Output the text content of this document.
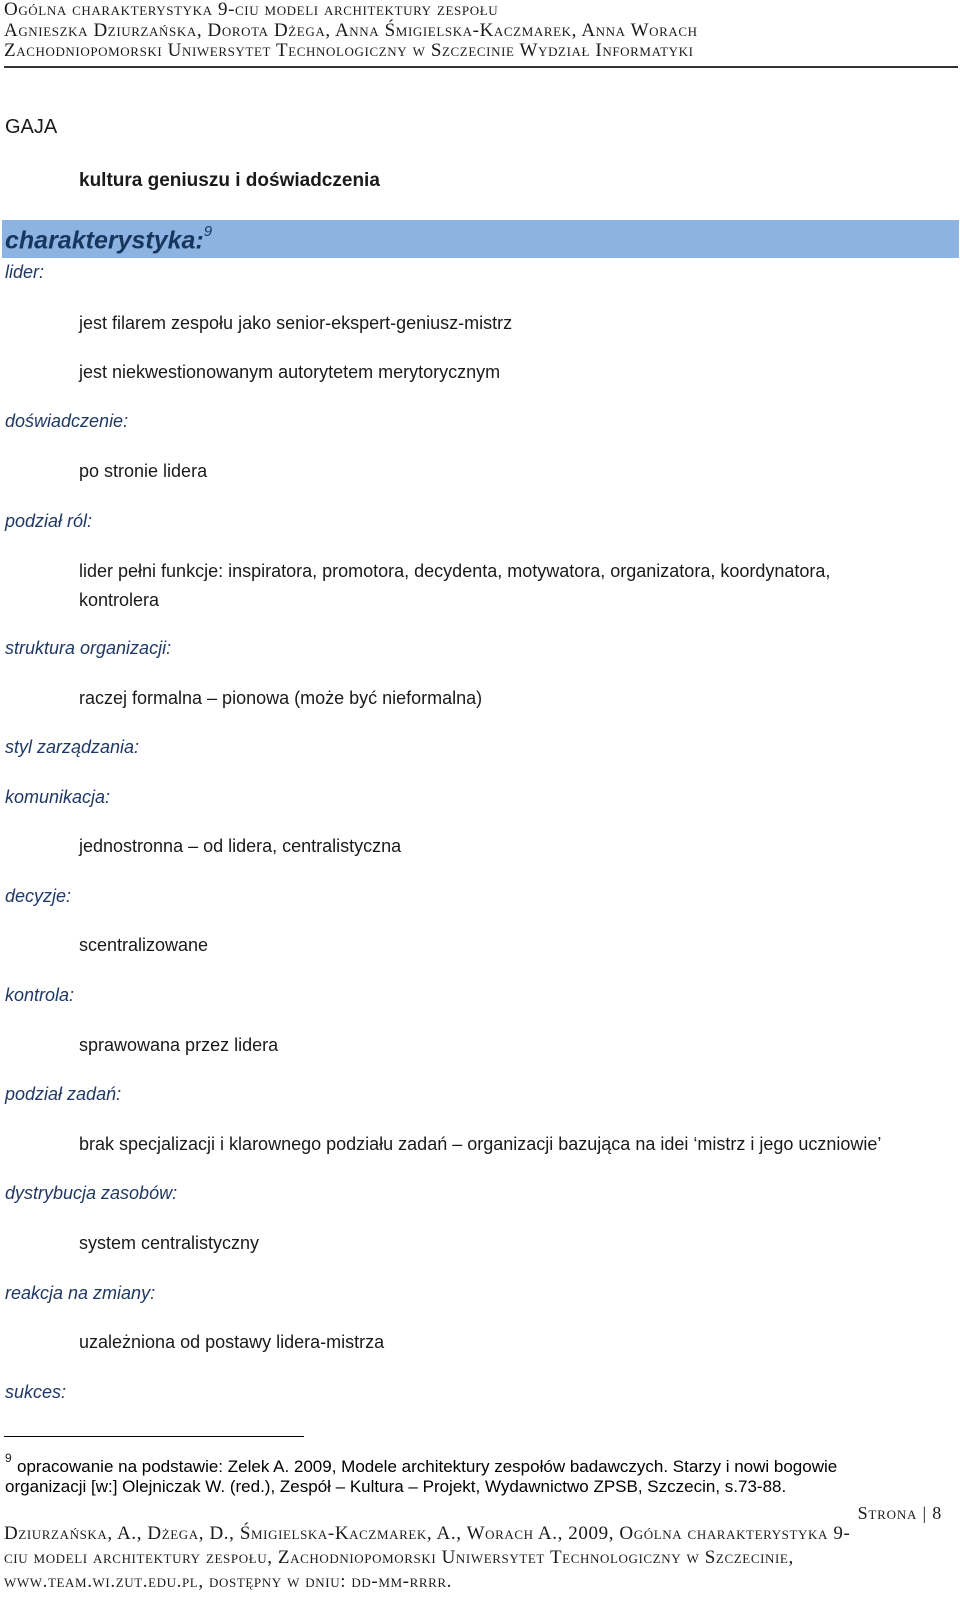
Ogólna charakterystyka 9-ciu modeli architektury zespołu
Agnieszka Dziurzańska, Dorota Dżega, Anna Śmigielska-Kaczmarek, Anna Worach
Zachodniopomorski Uniwersytet Technologiczny w Szczecinie Wydział Informatyki
GAJA
kultura geniuszu i doświadczenia
charakterystyka:$^9$
lider:
jest filarem zespołu jako senior-ekspert-geniusz-mistrz
jest niekwestionowanym autorytetem merytorycznym
doświadczenie:
po stronie lidera
podział ról:
lider pełni funkcje: inspiratora, promotora, decydenta, motywatora, organizatora, koordynatora,
kontrolera
struktura organizacji:
raczej formalna – pionowa (może być nieformalna)
styl zarządzania:
komunikacja:
jednostronna – od lidera, centralistyczna
decyzje:
scentralizowane
kontrola:
sprawowana przez lidera
podział zadań:
brak specjalizacji i klarownego podziału zadań – organizacji bazująca na idei ‘mistrz i jego uczniowie’
dystrybucja zasobów:
system centralistyczny
reakcja na zmiany:
uzależniona od postawy lidera-mistrza
sukces:
9 opracowanie na podstawie: Zelek A. 2009, Modele architektury zespołów badawczych. Starzy i nowi bogowie
organizacji [w:] Olejniczak W. (red.), Zespół – Kultura – Projekt, Wydawnictwo ZPSB, Szczecin, s.73-88.
Strona | 8
Dziurzańska, A., Dżega, D., Śmigielska-Kaczmarek, A., Worach A., 2009, Ogólna charakterystyka 9-
ciu modeli architektury zespołu, Zachodniopomorski Uniwersytet Technologiczny w Szczecinie,
www.team.wi.zut.edu.pl, dostępny w dniu: dd-mm-rrrr.
